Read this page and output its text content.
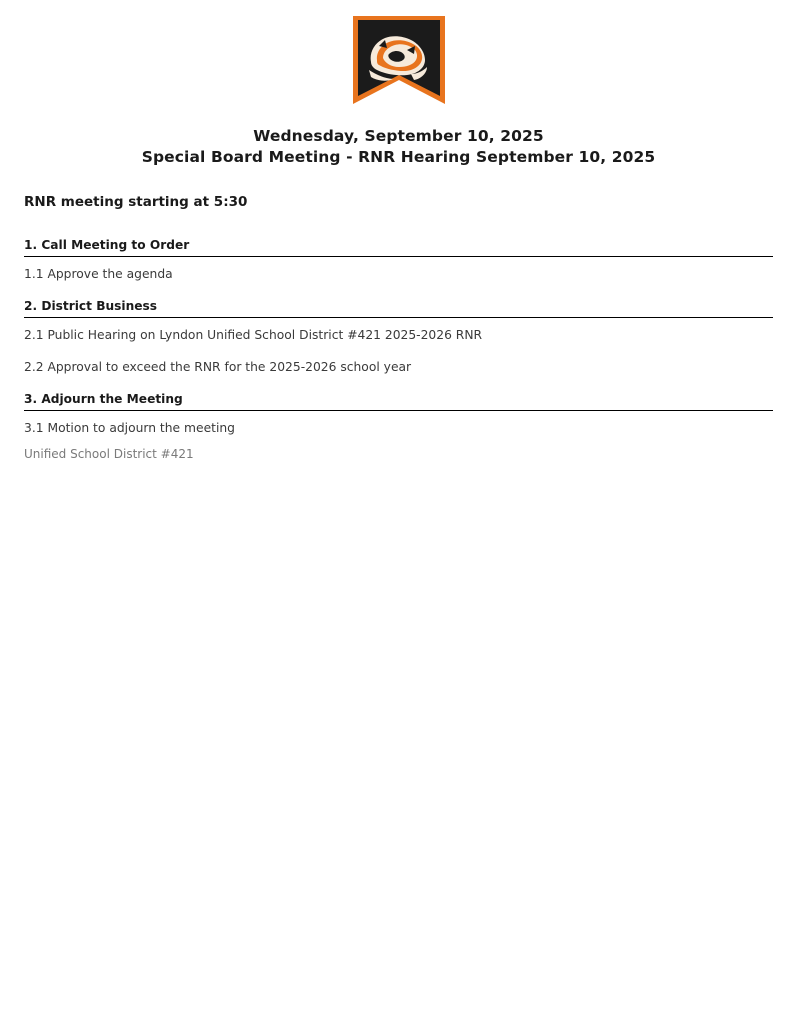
Wednesday, September 10, 2025
Special Board Meeting - RNR Hearing September 10, 2025
RNR meeting starting at 5:30
1. Call Meeting to Order
1.1 Approve the agenda
2. District Business
2.1 Public Hearing on Lyndon Unified School District #421 2025-2026 RNR
2.2 Approval to exceed the RNR for the 2025-2026 school year
3. Adjourn the Meeting
3.1 Motion to adjourn the meeting
Unified School District #421
